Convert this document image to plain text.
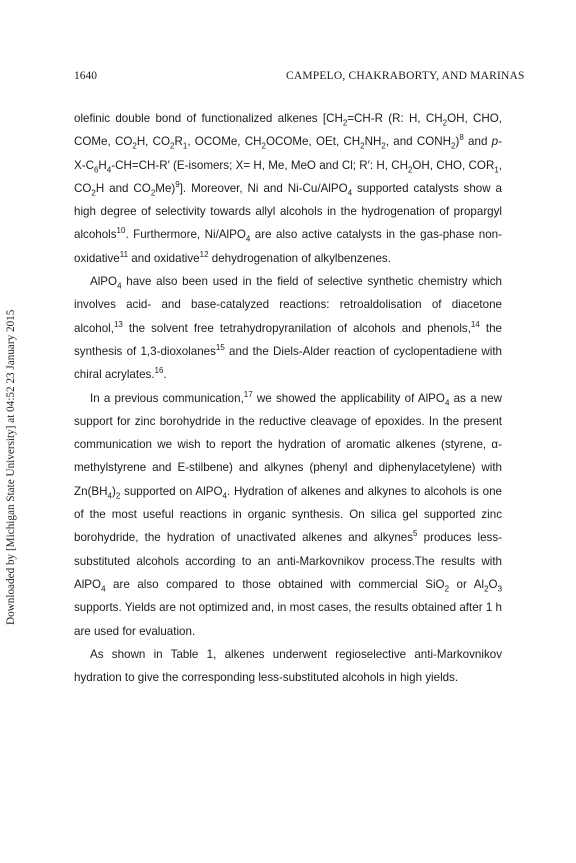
1640	CAMPELO, CHAKRABORTY, AND MARINAS
Downloaded by [Michigan State University] at 04:52 23 January 2015

olefinic double bond of functionalized alkenes [$CH_2=CH-R$ (R: H, $CH_2OH$, CHO, COMe, $CO_2H$, $CO_2R_1$, OCOMe, $CH_2OCOMe$, OEt, $CH_2NH_2$, and $CONH_2)^8$ and $p-X-C_6H_4-CH=CH-R'$ (E-isomers; X= H, Me, MeO and Cl; R′: H, $CH_2OH$, CHO, $COR_1$, $CO_2H$ and $CO_2Me)^9$]. Moreover, Ni and Ni-Cu/AlPO$_4$ supported catalysts show a high degree of selectivity towards allyl alcohols in the hydrogenation of propargyl alcohols$^{10}$. Furthermore, Ni/AlPO$_4$ are also active catalysts in the gas-phase non-oxidative$^{11}$ and oxidative$^{12}$ dehydrogenation of alkylbenzenes.

AlPO$_4$ have also been used in the field of selective synthetic chemistry which involves acid- and base-catalyzed reactions: retroaldolisation of diacetone alcohol,$^{13}$ the solvent free tetrahydropyranilation of alcohols and phenols,$^{14}$ the synthesis of 1,3-dioxolanes$^{15}$ and the Diels-Alder reaction of cyclopentadiene with chiral acrylates.$^{16}$.

In a previous communication,$^{17}$ we showed the applicability of AlPO$_4$ as a new support for zinc borohydride in the reductive cleavage of epoxides. In the present communication we wish to report the hydration of aromatic alkenes (styrene, α-methylstyrene and E-stilbene) and alkynes (phenyl and diphenylacetylene) with $Zn(BH_4)_2$ supported on AlPO$_4$. Hydration of alkenes and alkynes to alcohols is one of the most useful reactions in organic synthesis. On silica gel supported zinc borohydride, the hydration of unactivated alkenes and alkynes$^5$ produces less-substituted alcohols according to an anti-Markovnikov process.The results with AlPO$_4$ are also compared to those obtained with commercial SiO$_2$ or $Al_2O_3$ supports. Yields are not optimized and, in most cases, the results obtained after 1 h are used for evaluation.

As shown in Table 1, alkenes underwent regioselective anti-Markovnikov hydration to give the corresponding less-substituted alcohols in high yields.
